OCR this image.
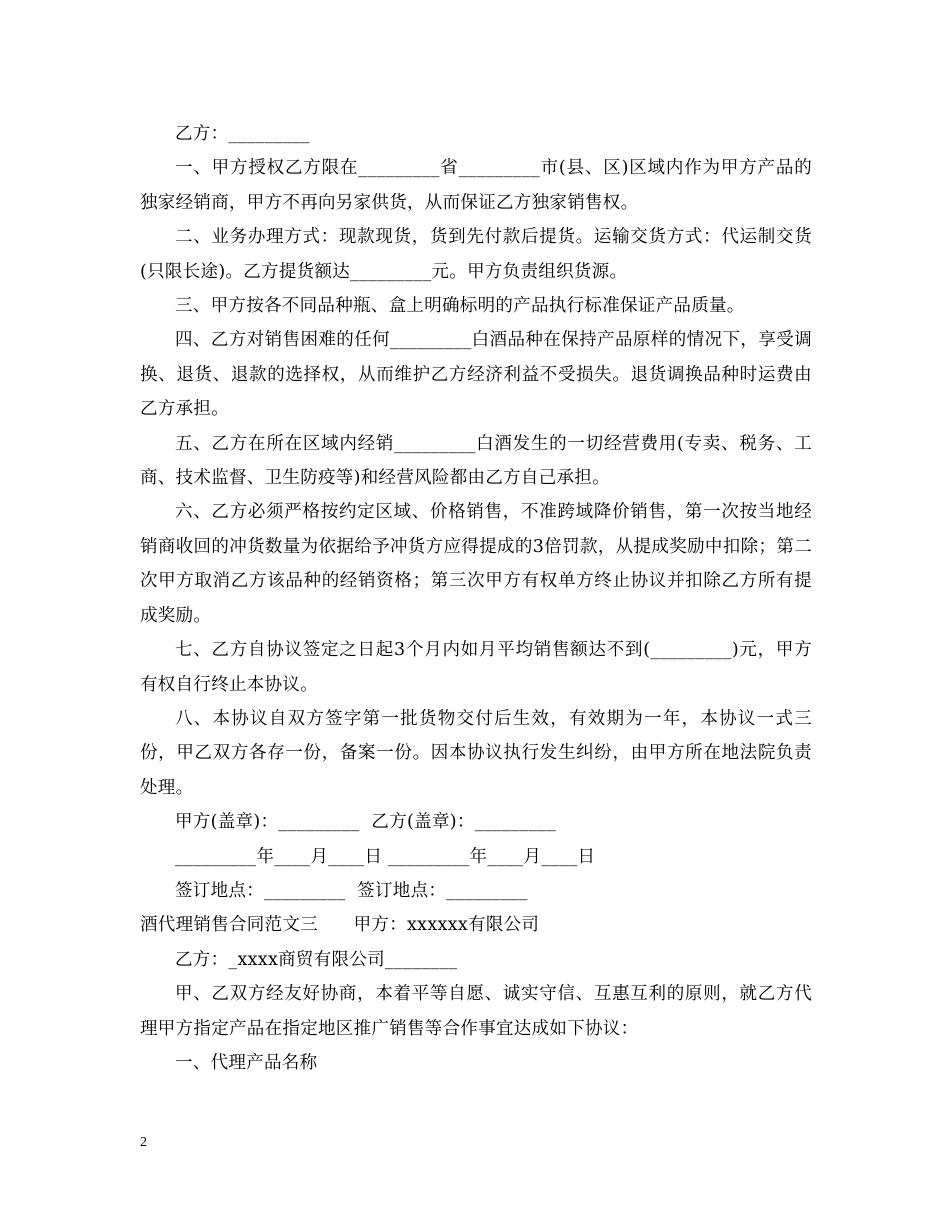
乙方：_________

一、甲方授权乙方限在_________省_________市(县、区)区域内作为甲方产品的独家经销商，甲方不再向另家供货，从而保证乙方独家销售权。

二、业务办理方式：现款现货，货到先付款后提货。运输交货方式：代运制交货(只限长途)。乙方提货额达_________元。甲方负责组织货源。

三、甲方按各不同品种瓶、盒上明确标明的产品执行标准保证产品质量。

四、乙方对销售困难的任何_________白酒品种在保持产品原样的情况下，享受调换、退货、退款的选择权，从而维护乙方经济利益不受损失。退货调换品种时运费由乙方承担。

五、乙方在所在区域内经销_________白酒发生的一切经营费用(专卖、税务、工商、技术监督、卫生防疫等)和经营风险都由乙方自己承担。

六、乙方必须严格按约定区域、价格销售，不准跨域降价销售，第一次按当地经销商收回的冲货数量为依据给予冲货方应得提成的3倍罚款，从提成奖励中扣除；第二次甲方取消乙方该品种的经销资格；第三次甲方有权单方终止协议并扣除乙方所有提成奖励。

七、乙方自协议签定之日起3个月内如月平均销售额达不到(_________)元，甲方有权自行终止本协议。

八、本协议自双方签字第一批货物交付后生效，有效期为一年，本协议一式三份，甲乙双方各存一份，备案一份。因本协议执行发生纠纷，由甲方所在地法院负责处理。

甲方(盖章)：_________  乙方(盖章)：_________

_________年____月____日 _________年____月____日

签订地点：_________  签订地点：_________

酒代理销售合同范文三　　甲方：xxxxxx有限公司

乙方：_xxxx商贸有限公司________

甲、乙双方经友好协商，本着平等自愿、诚实守信、互惠互利的原则，就乙方代理甲方指定产品在指定地区推广销售等合作事宜达成如下协议：

一、代理产品名称

2
